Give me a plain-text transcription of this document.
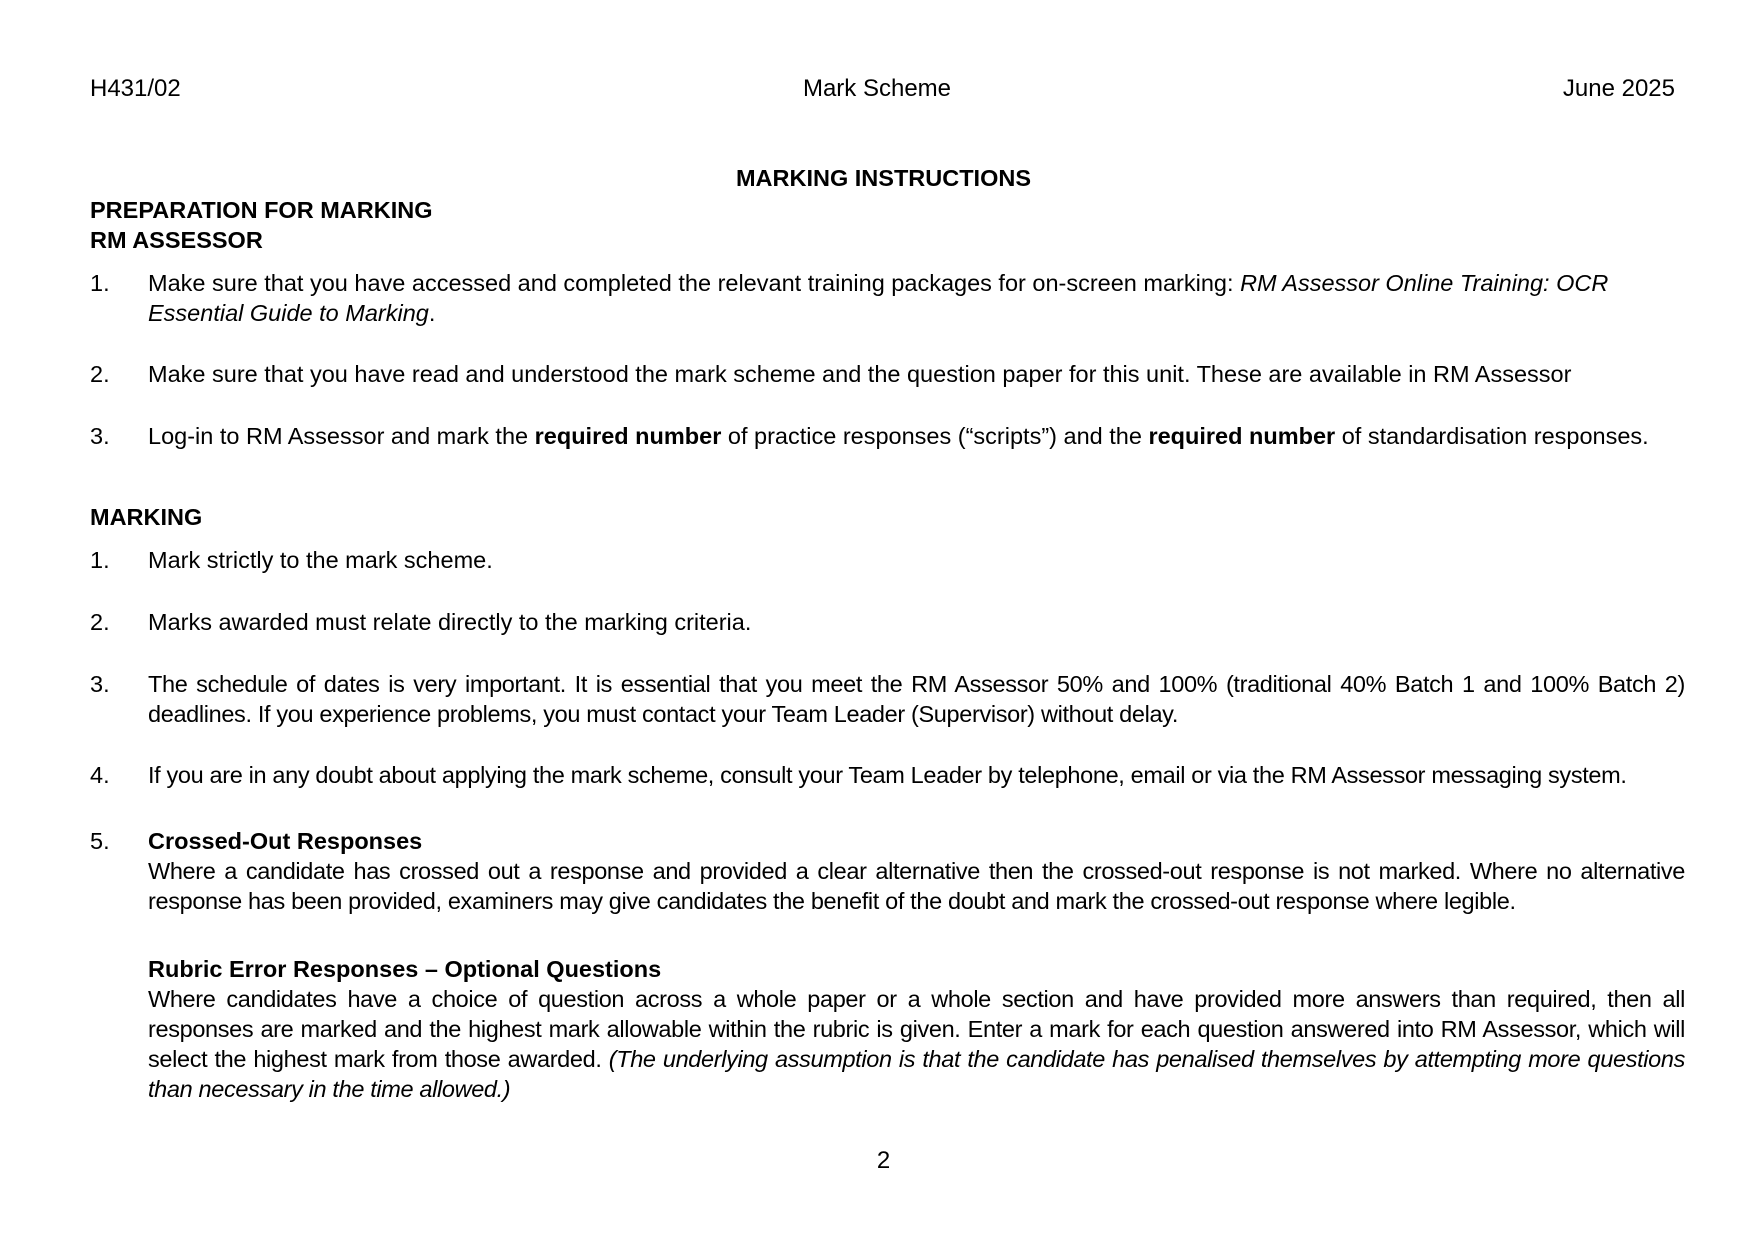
H431/02	Mark Scheme	June 2025
MARKING INSTRUCTIONS
PREPARATION FOR MARKING
RM ASSESSOR
1. Make sure that you have accessed and completed the relevant training packages for on-screen marking: RM Assessor Online Training: OCR Essential Guide to Marking.
2. Make sure that you have read and understood the mark scheme and the question paper for this unit. These are available in RM Assessor
3. Log-in to RM Assessor and mark the required number of practice responses (“scripts”) and the required number of standardisation responses.
MARKING
1. Mark strictly to the mark scheme.
2. Marks awarded must relate directly to the marking criteria.
3. The schedule of dates is very important. It is essential that you meet the RM Assessor 50% and 100% (traditional 40% Batch 1 and 100% Batch 2) deadlines. If you experience problems, you must contact your Team Leader (Supervisor) without delay.
4. If you are in any doubt about applying the mark scheme, consult your Team Leader by telephone, email or via the RM Assessor messaging system.
5. Crossed-Out Responses
Where a candidate has crossed out a response and provided a clear alternative then the crossed-out response is not marked. Where no alternative response has been provided, examiners may give candidates the benefit of the doubt and mark the crossed-out response where legible.
Rubric Error Responses – Optional Questions
Where candidates have a choice of question across a whole paper or a whole section and have provided more answers than required, then all responses are marked and the highest mark allowable within the rubric is given. Enter a mark for each question answered into RM Assessor, which will select the highest mark from those awarded. (The underlying assumption is that the candidate has penalised themselves by attempting more questions than necessary in the time allowed.)
2
